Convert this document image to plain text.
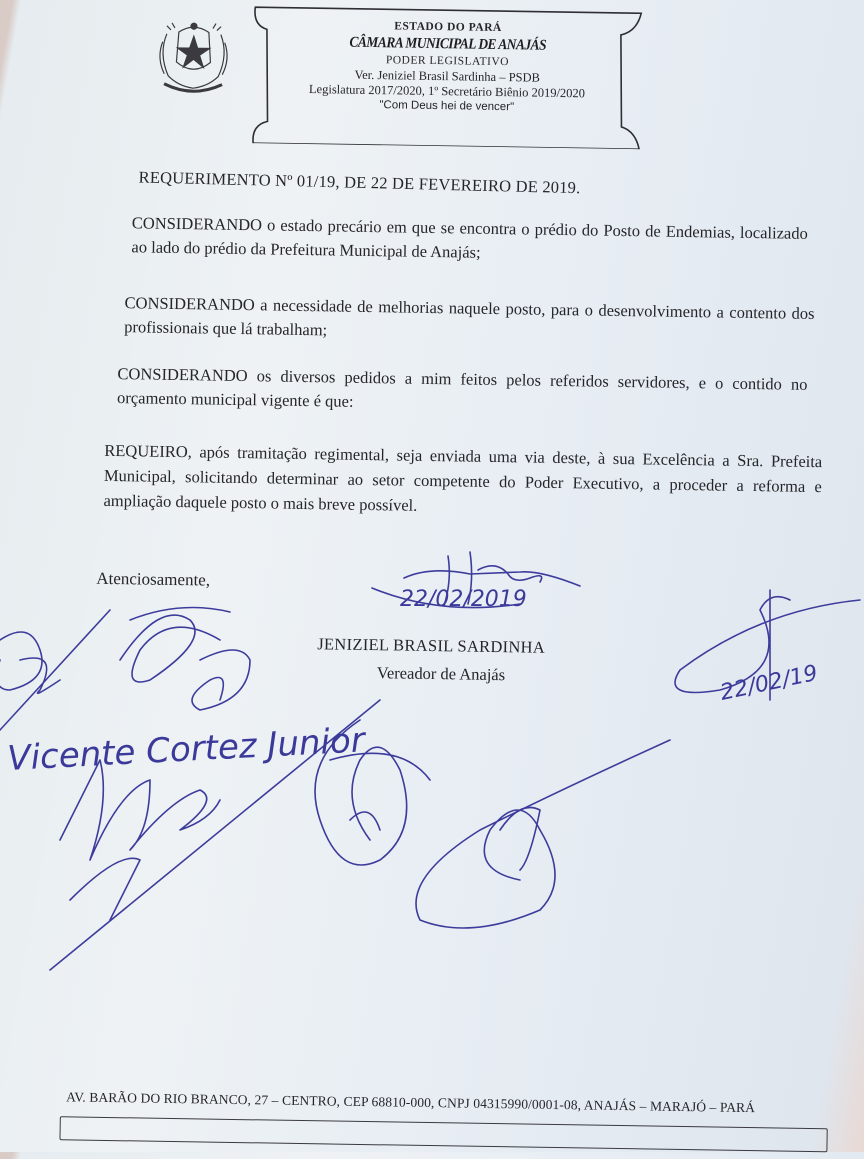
ESTADO DO PARÁ
CÂMARA MUNICIPAL DE ANAJÁS
PODER LEGISLATIVO
Ver. Jeniziel Brasil Sardinha – PSDB
Legislatura 2017/2020, 1º Secretário Biênio 2019/2020
"Com Deus hei de vencer"
REQUERIMENTO Nº 01/19, DE 22 DE FEVEREIRO DE 2019.
CONSIDERANDO o estado precário em que se encontra o prédio do Posto de Endemias, localizado ao lado do prédio da Prefeitura Municipal de Anajás;
CONSIDERANDO a necessidade de melhorias naquele posto, para o desenvolvimento a contento dos profissionais que lá trabalham;
CONSIDERANDO os diversos pedidos a mim feitos pelos referidos servidores, e o contido no orçamento municipal vigente é que:
REQUEIRO, após tramitação regimental, seja enviada uma via deste, à sua Excelência a Sra. Prefeita Municipal, solicitando determinar ao setor competente do Poder Executivo, a proceder a reforma e ampliação daquele posto o mais breve possível.
Atenciosamente,
JENIZIEL BRASIL SARDINHA
Vereador de Anajás
AV. BARÃO DO RIO BRANCO, 27 – CENTRO, CEP 68810-000, CNPJ 04315990/0001-08, ANAJÁS – MARAJÓ – PARÁ
22/02/2019
Vicente Cortez Junior
22/02/19
